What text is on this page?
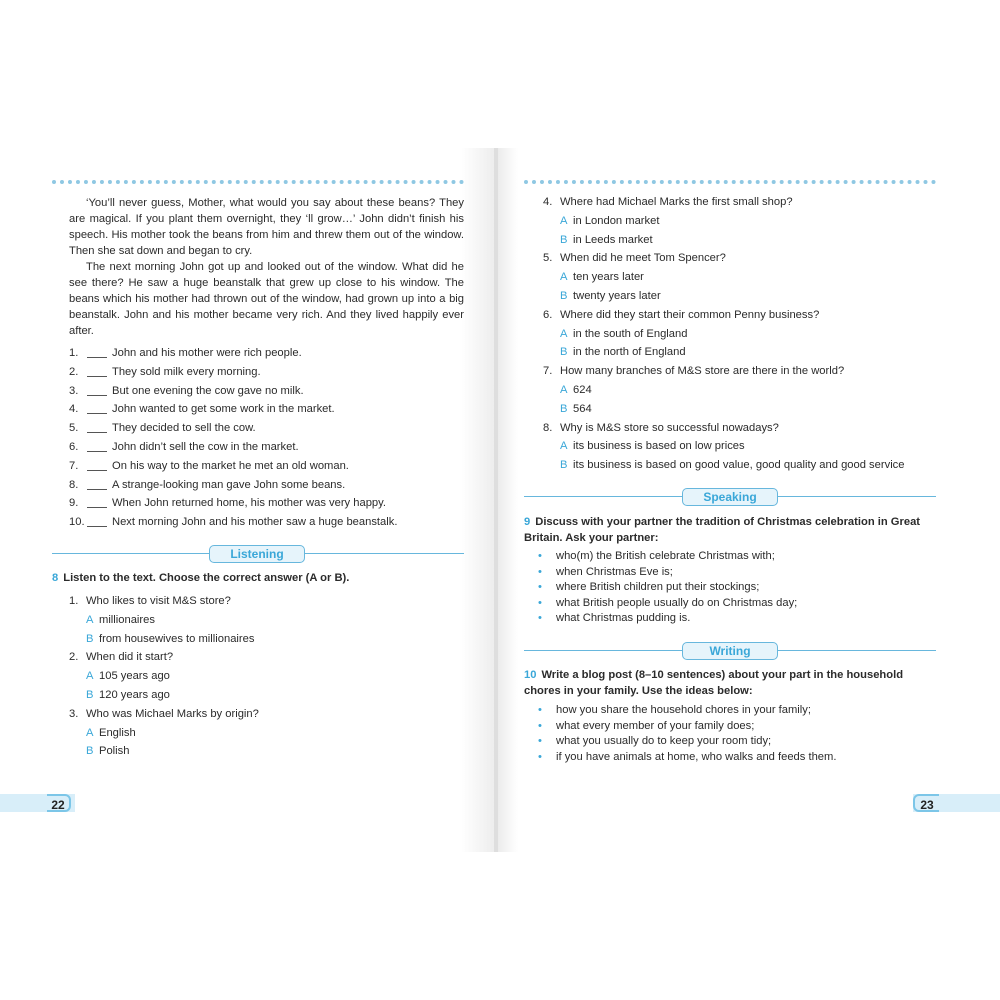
‘You’ll never guess, Mother, what would you say about these beans? They are magical. If you plant them overnight, they ‘ll grow…’ John didn’t finish his speech. His mother took the beans from him and threw them out of the window. Then she sat down and began to cry.

The next morning John got up and looked out of the window. What did he see there? He saw a huge beanstalk that grew up close to his window. The beans which his mother had thrown out of the window, had grown up into a big beanstalk. John and his mother became very rich. And they lived happily ever after.

1.	John and his mother were rich people.
2.	They sold milk every morning.
3.	But one evening the cow gave no milk.
4.	John wanted to get some work in the market.
5.	They decided to sell the cow.
6.	John didn’t sell the cow in the market.
7.	On his way to the market he met an old woman.
8.	A strange-looking man gave John some beans.
9.	When John returned home, his mother was very happy.
10. Next morning John and his mother saw a huge beanstalk.
Listening
8 Listen to the text. Choose the correct answer (A or B).
1. Who likes to visit M&S store?
A millionaires
B from housewives to millionaires
2. When did it start?
A 105 years ago
B 120 years ago
3. Who was Michael Marks by origin?
A English
B Polish
22
4. Where had Michael Marks the first small shop?
A in London market
B in Leeds market
5. When did he meet Tom Spencer?
A ten years later
B twenty years later
6. Where did they start their common Penny business?
A in the south of England
B in the north of England
7. How many branches of M&S store are there in the world?
A 624
B 564
8. Why is M&S store so successful nowadays?
A its business is based on low prices
B its business is based on good value, good quality and good service
Speaking
9 Discuss with your partner the tradition of Christmas celebration in Great Britain. Ask your partner:
• who(m) the British celebrate Christmas with;
• when Christmas Eve is;
• where British children put their stockings;
• what British people usually do on Christmas day;
• what Christmas pudding is.
Writing
10 Write a blog post (8–10 sentences) about your part in the household chores in your family. Use the ideas below:
• how you share the household chores in your family;
• what every member of your family does;
• what you usually do to keep your room tidy;
• if you have animals at home, who walks and feeds them.
23
